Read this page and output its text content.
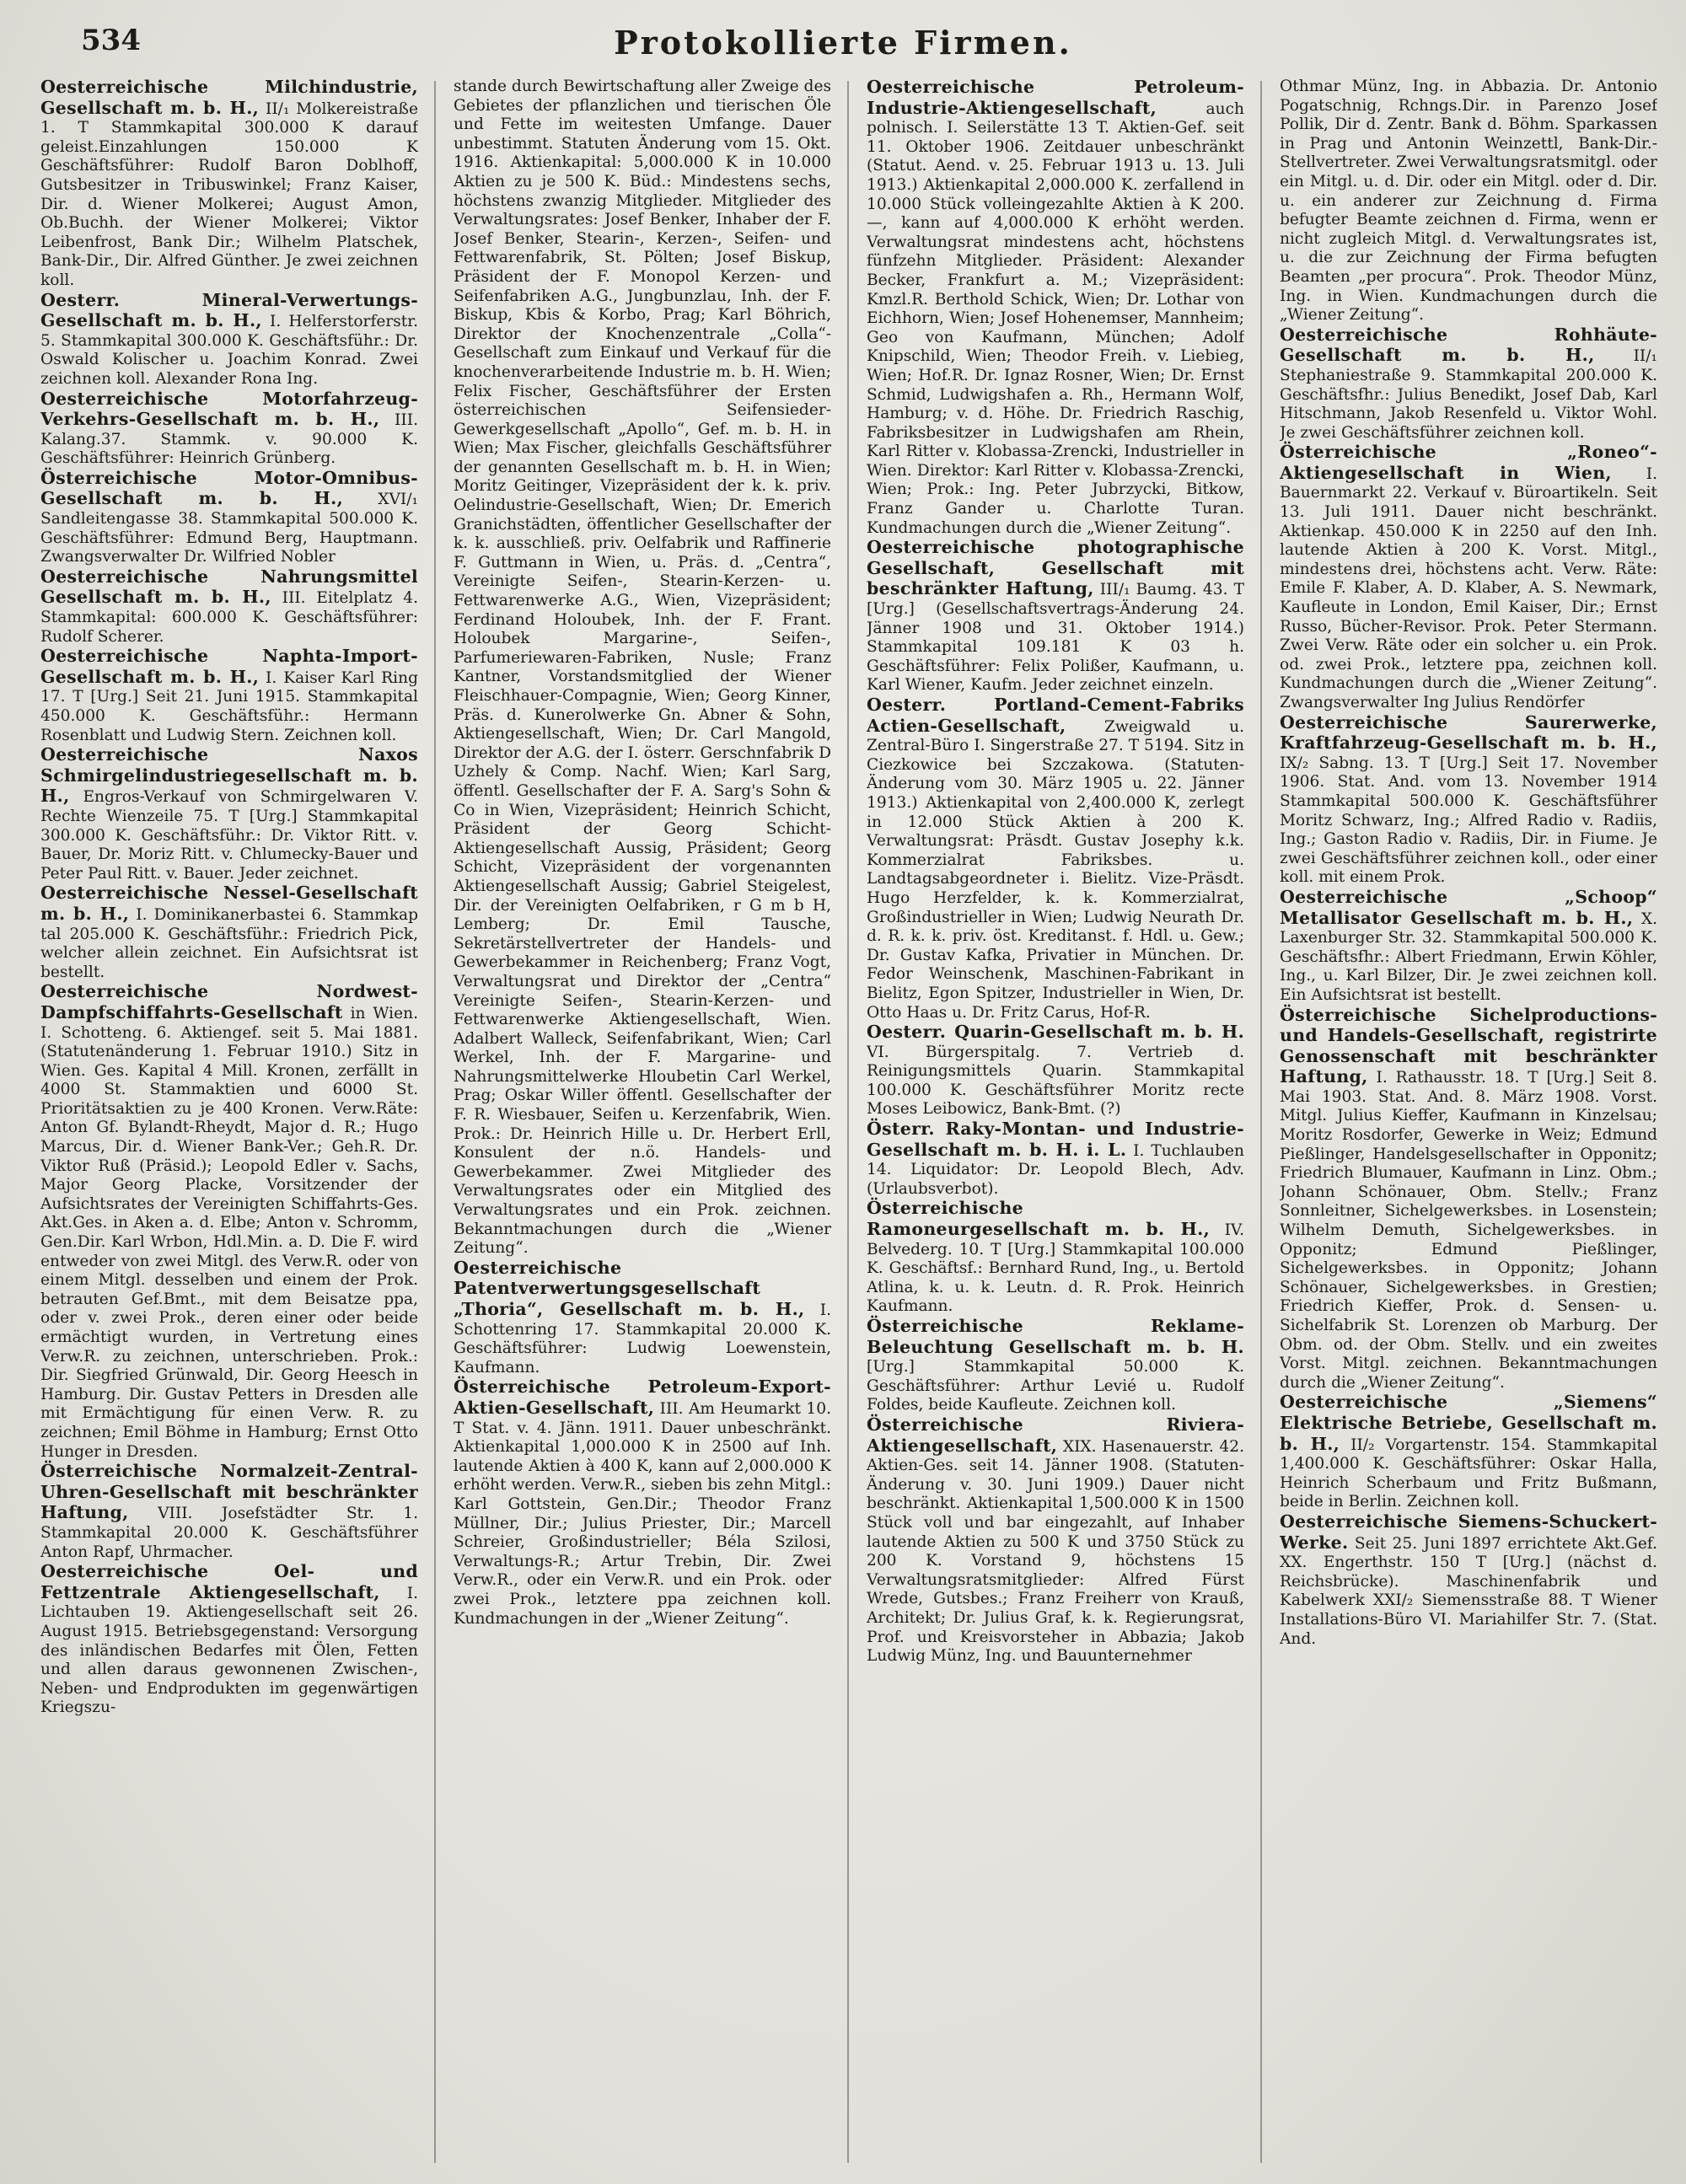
534	Protokollierte Firmen.

Oesterreichische Milchindustrie, Gesellschaft m. b. H., II/₁ Molkereistraße 1. T Stammkapital 300.000 K darauf geleist.Einzahlungen 150.000 K Geschäftsführer: Rudolf Baron Doblhoff, Gutsbesitzer in Tribuswinkel; Franz Kaiser, Dir. d. Wiener Molkerei; August Amon, Ob.Buchh. der Wiener Molkerei; Viktor Leibenfrost, Bank Dir.; Wilhelm Platschek, Bank-Dir., Dir. Alfred Günther. Je zwei zeichnen koll.

Oesterr. Mineral-Verwertungs-Gesellschaft m. b. H., I. Helferstorferstr. 5. Stammkapital 300.000 K. Geschäftsführ.: Dr. Oswald Kolischer u. Joachim Konrad. Zwei zeichnen koll. Alexander Rona Ing.

Oesterreichische Motorfahrzeug-Verkehrs-Gesellschaft m. b. H., III. Kalang.37. Stammk. v. 90.000 K. Geschäftsführer: Heinrich Grünberg.

Österreichische Motor-Omnibus-Gesellschaft m. b. H., XVI/₁ Sandleitengasse 38. Stammkapital 500.000 K. Geschäftsführer: Edmund Berg, Hauptmann. Zwangsverwalter Dr. Wilfried Nobler

Oesterreichische Nahrungsmittel Gesellschaft m. b. H., III. Eitelplatz 4. Stammkapital: 600.000 K. Geschäftsführer: Rudolf Scherer.

Oesterreichische Naphta-Import-Gesellschaft m. b. H., I. Kaiser Karl Ring 17. T [Urg.] Seit 21. Juni 1915. Stammkapital 450.000 K. Geschäftsführ.: Hermann Rosenblatt und Ludwig Stern. Zeichnen koll.

Oesterreichische Naxos Schmirgelindustriegesellschaft m. b. H., Engros-Verkauf von Schmirgelwaren V. Rechte Wienzeile 75. T [Urg.] Stammkapital 300.000 K. Geschäftsführ.: Dr. Viktor Ritt. v. Bauer, Dr. Moriz Ritt. v. Chlumecky-Bauer und Peter Paul Ritt. v. Bauer. Jeder zeichnet.

Oesterreichische Nessel-Gesellschaft m. b. H., I. Dominikanerbastei 6. Stammkap tal 205.000 K. Geschäftsführ.: Friedrich Pick, welcher allein zeichnet. Ein Aufsichtsrat ist bestellt.

Oesterreichische Nordwest-Dampfschiffahrts-Gesellschaft in Wien. I. Schotteng. 6. Aktiengef. seit 5. Mai 1881. (Statutenänderung 1. Februar 1910.) Sitz in Wien. Ges. Kapital 4 Mill. Kronen, zerfällt in 4000 St. Stammaktien und 6000 St. Prioritätsaktien zu je 400 Kronen. Verw.Räte: Anton Gf. Bylandt-Rheydt, Major d. R.; Hugo Marcus, Dir. d. Wiener Bank-Ver.; Geh.R. Dr. Viktor Ruß (Präsid.); Leopold Edler v. Sachs, Major Georg Placke, Vorsitzender der Aufsichtsrates der Vereinigten Schiffahrts-Ges. Akt.Ges. in Aken a. d. Elbe; Anton v. Schromm, Gen.Dir. Karl Wrbon, Hdl.Min. a. D. Die F. wird entweder von zwei Mitgl. des Verw.R. oder von einem Mitgl. desselben und einem der Prok. betrauten Gef.Bmt., mit dem Beisatze ppa, oder v. zwei Prok., deren einer oder beide ermächtigt wurden, in Vertretung eines Verw.R. zu zeichnen, unterschrieben. Prok.: Dir. Siegfried Grünwald, Dir. Georg Heesch in Hamburg. Dir. Gustav Petters in Dresden alle mit Ermächtigung für einen Verw. R. zu zeichnen; Emil Böhme in Hamburg; Ernst Otto Hunger in Dresden.

Österreichische Normalzeit-Zentral-Uhren-Gesellschaft mit beschränkter Haftung, VIII. Josefstädter Str. 1. Stammkapital 20.000 K. Geschäftsführer Anton Rapf, Uhrmacher.

Oesterreichische Oel- und Fettzentrale Aktiengesellschaft, I. Lichtauben 19. Aktiengesellschaft seit 26. August 1915. Betriebsgegenstand: Versorgung des inländischen Bedarfes mit Ölen, Fetten und allen daraus gewonnenen Zwischen-, Neben- und Endprodukten im gegenwärtigen Kriegszu-

stande durch Bewirtschaftung aller Zweige des Gebietes der pflanzlichen und tierischen Öle und Fette im weitesten Umfange. Dauer unbestimmt. Statuten Änderung vom 15. Okt. 1916. Aktienkapital: 5,000.000 K in 10.000 Aktien zu je 500 K. Büd.: Mindestens sechs, höchstens zwanzig Mitglieder. Mitglieder des Verwaltungsrates: Josef Benker, Inhaber der F. Josef Benker, Stearin-, Kerzen-, Seifen- und Fettwarenfabrik, St. Pölten; Josef Biskup, Präsident der F. Monopol Kerzen- und Seifenfabriken A.G., Jungbunzlau, Inh. der F. Biskup, Kbis & Korbo, Prag; Karl Böhrich, Direktor der Knochenzentrale „Colla“-Gesellschaft zum Einkauf und Verkauf für die knochenverarbeitende Industrie m. b. H. Wien; Felix Fischer, Geschäftsführer der Ersten österreichischen Seifensieder-Gewerkgesellschaft „Apollo“, Gef. m. b. H. in Wien; Max Fischer, gleichfalls Geschäftsführer der genannten Gesellschaft m. b. H. in Wien; Moritz Geitinger, Vizepräsident der k. k. priv. Oelindustrie-Gesellschaft, Wien; Dr. Emerich Granichstädten, öffentlicher Gesellschafter der k. k. ausschließ. priv. Oelfabrik und Raffinerie F. Guttmann in Wien, u. Präs. d. „Centra“, Vereinigte Seifen-, Stearin-Kerzen- u. Fettwarenwerke A.G., Wien, Vizepräsident; Ferdinand Holoubek, Inh. der F. Frant. Holoubek Margarine-, Seifen-, Parfumeriewaren-Fabriken, Nusle; Franz Kantner, Vorstandsmitglied der Wiener Fleischhauer-Compagnie, Wien; Georg Kinner, Präs. d. Kunerolwerke Gn. Abner & Sohn, Aktiengesellschaft, Wien; Dr. Carl Mangold, Direktor der A.G. der I. österr. Gerschnfabrik D Uzhely & Comp. Nachf. Wien; Karl Sarg, öffentl. Gesellschafter der F. A. Sarg's Sohn & Co in Wien, Vizepräsident; Heinrich Schicht, Präsident der Georg Schicht-Aktiengesellschaft Aussig, Präsident; Georg Schicht, Vizepräsident der vorgenannten Aktiengesellschaft Aussig; Gabriel Steigelest, Dir. der Vereinigten Oelfabriken, r G m b H, Lemberg; Dr. Emil Tausche, Sekretärstellvertreter der Handels- und Gewerbekammer in Reichenberg; Franz Vogt, Verwaltungsrat und Direktor der „Centra“ Vereinigte Seifen-, Stearin-Kerzen- und Fettwarenwerke Aktiengesellschaft, Wien. Adalbert Walleck, Seifenfabrikant, Wien; Carl Werkel, Inh. der F. Margarine- und Nahrungsmittelwerke Hloubetin Carl Werkel, Prag; Oskar Willer öffentl. Gesellschafter der F. R. Wiesbauer, Seifen u. Kerzenfabrik, Wien. Prok.: Dr. Heinrich Hille u. Dr. Herbert Erll, Konsulent der n.ö. Handels- und Gewerbekammer. Zwei Mitglieder des Verwaltungsrates oder ein Mitglied des Verwaltungsrates und ein Prok. zeichnen. Bekanntmachungen durch die „Wiener Zeitung“.

Oesterreichische Patentverwertungsgesellschaft „Thoria“, Gesellschaft m. b. H., I. Schottenring 17. Stammkapital 20.000 K. Geschäftsführer: Ludwig Loewenstein, Kaufmann.

Österreichische Petroleum-Export-Aktien-Gesellschaft, III. Am Heumarkt 10. T Stat. v. 4. Jänn. 1911. Dauer unbeschränkt. Aktienkapital 1,000.000 K in 2500 auf Inh. lautende Aktien à 400 K, kann auf 2,000.000 K erhöht werden. Verw.R., sieben bis zehn Mitgl.: Karl Gottstein, Gen.Dir.; Theodor Franz Müllner, Dir.; Julius Priester, Dir.; Marcell Schreier, Großindustrieller; Béla Szilosi, Verwaltungs-R.; Artur Trebin, Dir. Zwei Verw.R., oder ein Verw.R. und ein Prok. oder zwei Prok., letztere ppa zeichnen koll. Kundmachungen in der „Wiener Zeitung“.

Oesterreichische Petroleum-Industrie-Aktiengesellschaft,	auch polnisch. I. Seilerstätte 13 T. Aktien-Gef. seit 11. Oktober 1906. Zeitdauer unbeschränkt (Statut. Aend. v. 25. Februar 1913 u. 13. Juli 1913.) Aktienkapital 2,000.000 K. zerfallend in 10.000 Stück volleingezahlte Aktien à K 200.—, kann auf 4,000.000 K erhöht werden. Verwaltungsrat mindestens acht, höchstens fünfzehn Mitglieder. Präsident: Alexander Becker, Frankfurt a. M.; Vizepräsident: Kmzl.R. Berthold Schick, Wien; Dr. Lothar von Eichhorn, Wien; Josef Hohenemser, Mannheim; Geo von Kaufmann, München; Adolf Knipschild, Wien; Theodor Freih. v. Liebieg, Wien; Hof.R. Dr. Ignaz Rosner, Wien; Dr. Ernst Schmid, Ludwigshafen a. Rh., Hermann Wolf, Hamburg; v. d. Höhe. Dr. Friedrich Raschig, Fabriksbesitzer in Ludwigshafen am Rhein, Karl Ritter v. Klobassa-Zrencki, Industrieller in Wien. Direktor: Karl Ritter v. Klobassa-Zrencki, Wien; Prok.: Ing. Peter Jubrzycki, Bitkow, Franz Gander u. Charlotte Turan. Kundmachungen durch die „Wiener Zeitung“.

Oesterreichische photographische Gesellschaft, Gesellschaft mit beschränkter Haftung, III/₁ Baumg. 43. T [Urg.] (Gesellschaftsvertrags-Änderung 24. Jänner 1908 und 31. Oktober 1914.) Stammkapital 109.181 K 03 h. Geschäftsführer: Felix Polißer, Kaufmann, u. Karl Wiener, Kaufm. Jeder zeichnet einzeln.

Oesterr. Portland-Cement-Fabriks Actien-Gesellschaft, Zweigwald u. Zentral-Büro I. Singerstraße 27. T 5194. Sitz in Ciezkowice bei Szczakowa. (Statuten-Änderung vom 30. März 1905 u. 22. Jänner 1913.) Aktienkapital von 2,400.000 K, zerlegt in 12.000 Stück Aktien à 200 K. Verwaltungsrat: Präsdt. Gustav Josephy k.k. Kommerzialrat Fabriksbes. u. Landtagsabgeordneter i. Bielitz. Vize-Präsdt. Hugo Herzfelder, k. k. Kommerzialrat, Großindustrieller in Wien; Ludwig Neurath Dr. d. R. k. k. priv. öst. Kreditanst. f. Hdl. u. Gew.; Dr. Gustav Kafka, Privatier in München. Dr. Fedor Weinschenk, Maschinen-Fabrikant in Bielitz, Egon Spitzer, Industrieller in Wien, Dr. Otto Haas u. Dr. Fritz Carus, Hof-R.

Oesterr. Quarin-Gesellschaft m. b. H. VI. Bürgerspitalg. 7. Vertrieb d. Reinigungsmittels Quarin. Stammkapital 100.000 K. Geschäftsführer Moritz recte Moses Leibowicz, Bank-Bmt. (?)

Österr. Raky-Montan- und Industrie-Gesellschaft m. b. H. i. L. I. Tuchlauben 14. Liquidator: Dr. Leopold Blech, Adv. (Urlaubsverbot).

Österreichische Ramoneurgesellschaft m. b. H., IV. Belvederg. 10. T [Urg.] Stammkapital 100.000 K. Geschäftsf.: Bernhard Rund, Ing., u. Bertold Atlina, k. u. k. Leutn. d. R. Prok. Heinrich Kaufmann.

Österreichische Reklame-Beleuchtung Gesellschaft m. b. H. [Urg.] Stammkapital 50.000 K. Geschäftsführer: Arthur Levié u. Rudolf Foldes, beide Kaufleute. Zeichnen koll.

Österreichische Riviera-Aktiengesellschaft, XIX. Hasenauerstr. 42. Aktien-Ges. seit 14. Jänner 1908. (Statuten-Änderung v. 30. Juni 1909.) Dauer nicht beschränkt. Aktienkapital 1,500.000 K in 1500 Stück voll und bar eingezahlt, auf Inhaber lautende Aktien zu 500 K und 3750 Stück zu 200 K. Vorstand 9, höchstens 15 Verwaltungsratsmitglieder: Alfred Fürst Wrede, Gutsbes.; Franz Freiherr von Krauß, Architekt; Dr. Julius Graf, k. k. Regierungsrat, Prof. und Kreisvorsteher in Abbazia; Jakob Ludwig Münz, Ing. und Bauunternehmer

Othmar Münz, Ing. in Abbazia. Dr. Antonio Pogatschnig, Rchngs.Dir. in Parenzo Josef Pollik, Dir d. Zentr. Bank d. Böhm. Sparkassen in Prag und Antonin Weinzettl, Bank-Dir.-Stellvertreter. Zwei Verwaltungsratsmitgl. oder ein Mitgl. u. d. Dir. oder ein Mitgl. oder d. Dir. u. ein anderer zur Zeichnung d. Firma befugter Beamte zeichnen d. Firma, wenn er nicht zugleich Mitgl. d. Verwaltungsrates ist, u. die zur Zeichnung der Firma befugten Beamten „per procura“. Prok. Theodor Münz, Ing. in Wien. Kundmachungen durch die „Wiener Zeitung“.

Oesterreichische Rohhäute-Gesellschaft m. b. H., II/₁ Stephaniestraße 9. Stammkapital 200.000 K. Geschäftsfhr.: Julius Benedikt, Josef Dab, Karl Hitschmann, Jakob Resenfeld u. Viktor Wohl. Je zwei Geschäftsführer zeichnen koll.

Österreichische „Roneo“-Aktiengesellschaft in Wien, I. Bauernmarkt 22. Verkauf v. Büroartikeln. Seit 13. Juli 1911. Dauer nicht beschränkt. Aktienkap. 450.000 K in 2250 auf den Inh. lautende Aktien à 200 K. Vorst. Mitgl., mindestens drei, höchstens acht. Verw. Räte: Emile F. Klaber, A. D. Klaber, A. S. Newmark, Kaufleute in London, Emil Kaiser, Dir.; Ernst Russo, Bücher-Revisor. Prok. Peter Stermann. Zwei Verw. Räte oder ein solcher u. ein Prok. od. zwei Prok., letztere ppa, zeichnen koll. Kundmachungen durch die „Wiener Zeitung“. Zwangsverwalter Ing Julius Rendörfer

Oesterreichische Saurerwerke, Kraftfahrzeug-Gesellschaft m. b. H., IX/₂ Sabng. 13. T [Urg.] Seit 17. November 1906. Stat. And. vom 13. November 1914 Stammkapital 500.000 K. Geschäftsführer Moritz Schwarz, Ing.; Alfred Radio v. Radiis, Ing.; Gaston Radio v. Radiis, Dir. in Fiume. Je zwei Geschäftsführer zeichnen koll., oder einer koll. mit einem Prok.

Oesterreichische „Schoop“ Metallisator Gesellschaft m. b. H., X. Laxenburger Str. 32. Stammkapital 500.000 K. Geschäftsfhr.: Albert Friedmann, Erwin Köhler, Ing., u. Karl Bilzer, Dir. Je zwei zeichnen koll. Ein Aufsichtsrat ist bestellt.

Österreichische Sichelproductions- und Handels-Gesellschaft, registrirte Genossenschaft mit beschränkter Haftung, I. Rathausstr. 18. T [Urg.] Seit 8. Mai 1903. Stat. And. 8. März 1908. Vorst. Mitgl. Julius Kieffer, Kaufmann in Kinzelsau; Moritz Rosdorfer, Gewerke in Weiz; Edmund Pießlinger, Handelsgesellschafter in Opponitz; Friedrich Blumauer, Kaufmann in Linz. Obm.; Johann Schönauer, Obm. Stellv.; Franz Sonnleitner, Sichelgewerksbes. in Losenstein; Wilhelm Demuth, Sichelgewerksbes. in Opponitz; Edmund Pießlinger, Sichelgewerksbes. in Opponitz; Johann Schönauer, Sichelgewerksbes. in Grestien; Friedrich Kieffer, Prok. d. Sensen- u. Sichelfabrik St. Lorenzen ob Marburg. Der Obm. od. der Obm. Stellv. und ein zweites Vorst. Mitgl. zeichnen. Bekanntmachungen durch die „Wiener Zeitung“.

Oesterreichische „Siemens“ Elektrische Betriebe, Gesellschaft m. b. H., II/₂ Vorgartenstr. 154. Stammkapital 1,400.000 K. Geschäftsführer: Oskar Halla, Heinrich Scherbaum und Fritz Bußmann, beide in Berlin. Zeichnen koll.

Oesterreichische Siemens-Schuckert-Werke. Seit 25. Juni 1897 errichtete Akt.Gef. XX. Engerthstr. 150 T [Urg.] (nächst d. Reichsbrücke). Maschinenfabrik und Kabelwerk XXI/₂ Siemensstraße 88. T Wiener Installations-Büro VI. Mariahilfer Str. 7. (Stat. And.
